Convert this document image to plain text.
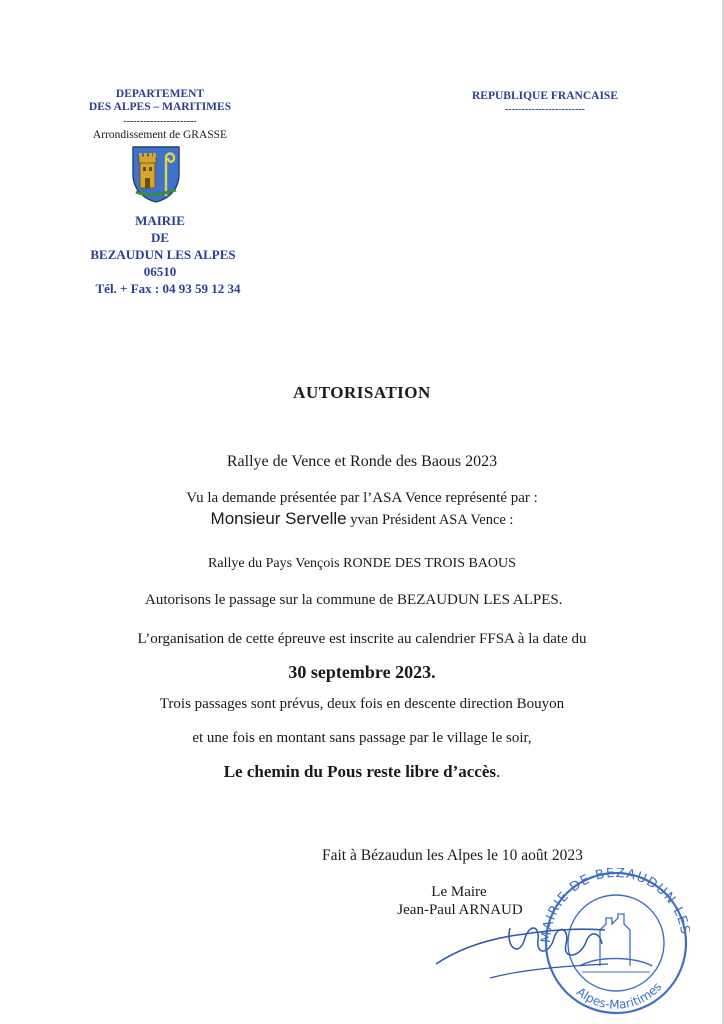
DEPARTEMENT
DES ALPES – MARITIMES
----------------------
Arrondissement de GRASSE
MAIRIE
DE
BEZAUDUN LES ALPES
06510
Tél. + Fax : 04 93 59 12 34
REPUBLIQUE FRANCAISE
------------------------
AUTORISATION
Rallye de Vence et Ronde des Baous 2023
Vu la demande présentée par l’ASA Vence représenté par :
Monsieur Servelle yvan Président ASA Vence :
Rallye du Pays Vençois RONDE DES TROIS BAOUS
Autorisons le passage sur la commune de BEZAUDUN LES ALPES.
L’organisation de cette épreuve est inscrite au calendrier FFSA à la date du
30 septembre 2023.
Trois passages sont prévus, deux fois en descente direction Bouyon
et une fois en montant sans passage par le village le soir,
Le chemin du Pous reste libre d’accès.
Fait à Bézaudun les Alpes le 10 août 2023
Le Maire
Jean-Paul ARNAUD
MAIRIE DE BEZAUDUN LE
Alpes-Maritimes
